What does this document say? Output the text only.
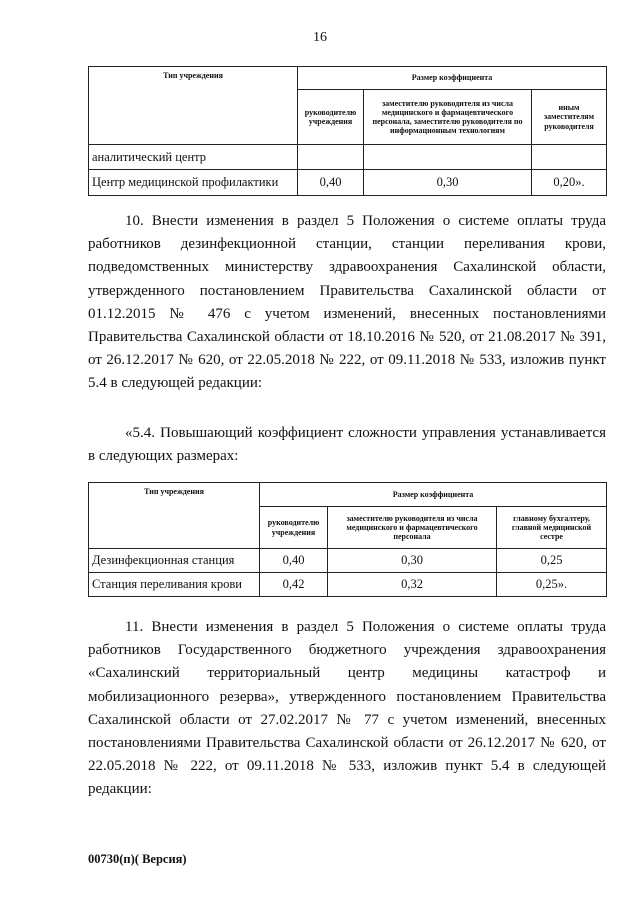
16
Тип учреждения	Размер коэффициента		
	руководителю учреждения	заместителю руководителя из числа медицинского и фармацевтического персонала, заместителю руководителя по информационным технологиям	иным заместителям руководителя
аналитический центр			
Центр медицинской профилактики	0,40	0,30	0,20».

10. Внести изменения в раздел 5 Положения о системе оплаты труда работников дезинфекционной станции, станции переливания крови, подведомственных министерству здравоохранения Сахалинской области, утвержденного постановлением Правительства Сахалинской области от 01.12.2015 № 476 с учетом изменений, внесенных постановлениями Правительства Сахалинской области от 18.10.2016 № 520, от 21.08.2017 № 391, от 26.12.2017 № 620, от 22.05.2018 № 222, от 09.11.2018 № 533, изложив пункт 5.4 в следующей редакции:

«5.4. Повышающий коэффициент сложности управления устанавливается в следующих размерах:

Тип учреждения	Размер коэффициента		
	руководителю учреждения	заместителю руководителя из числа медицинского и фармацевтического персонала	главному бухгалтеру, главной медицинской сестре
Дезинфекционная станция	0,40	0,30	0,25
Станция переливания крови	0,42	0,32	0,25».

11. Внести изменения в раздел 5 Положения о системе оплаты труда работников Государственного бюджетного учреждения здравоохранения «Сахалинский территориальный центр медицины катастроф и мобилизационного резерва», утвержденного постановлением Правительства Сахалинской области от 27.02.2017 № 77 с учетом изменений, внесенных постановлениями Правительства Сахалинской области от 26.12.2017 № 620, от 22.05.2018 № 222, от 09.11.2018 № 533, изложив пункт 5.4 в следующей редакции:

00730(п)( Версия)
